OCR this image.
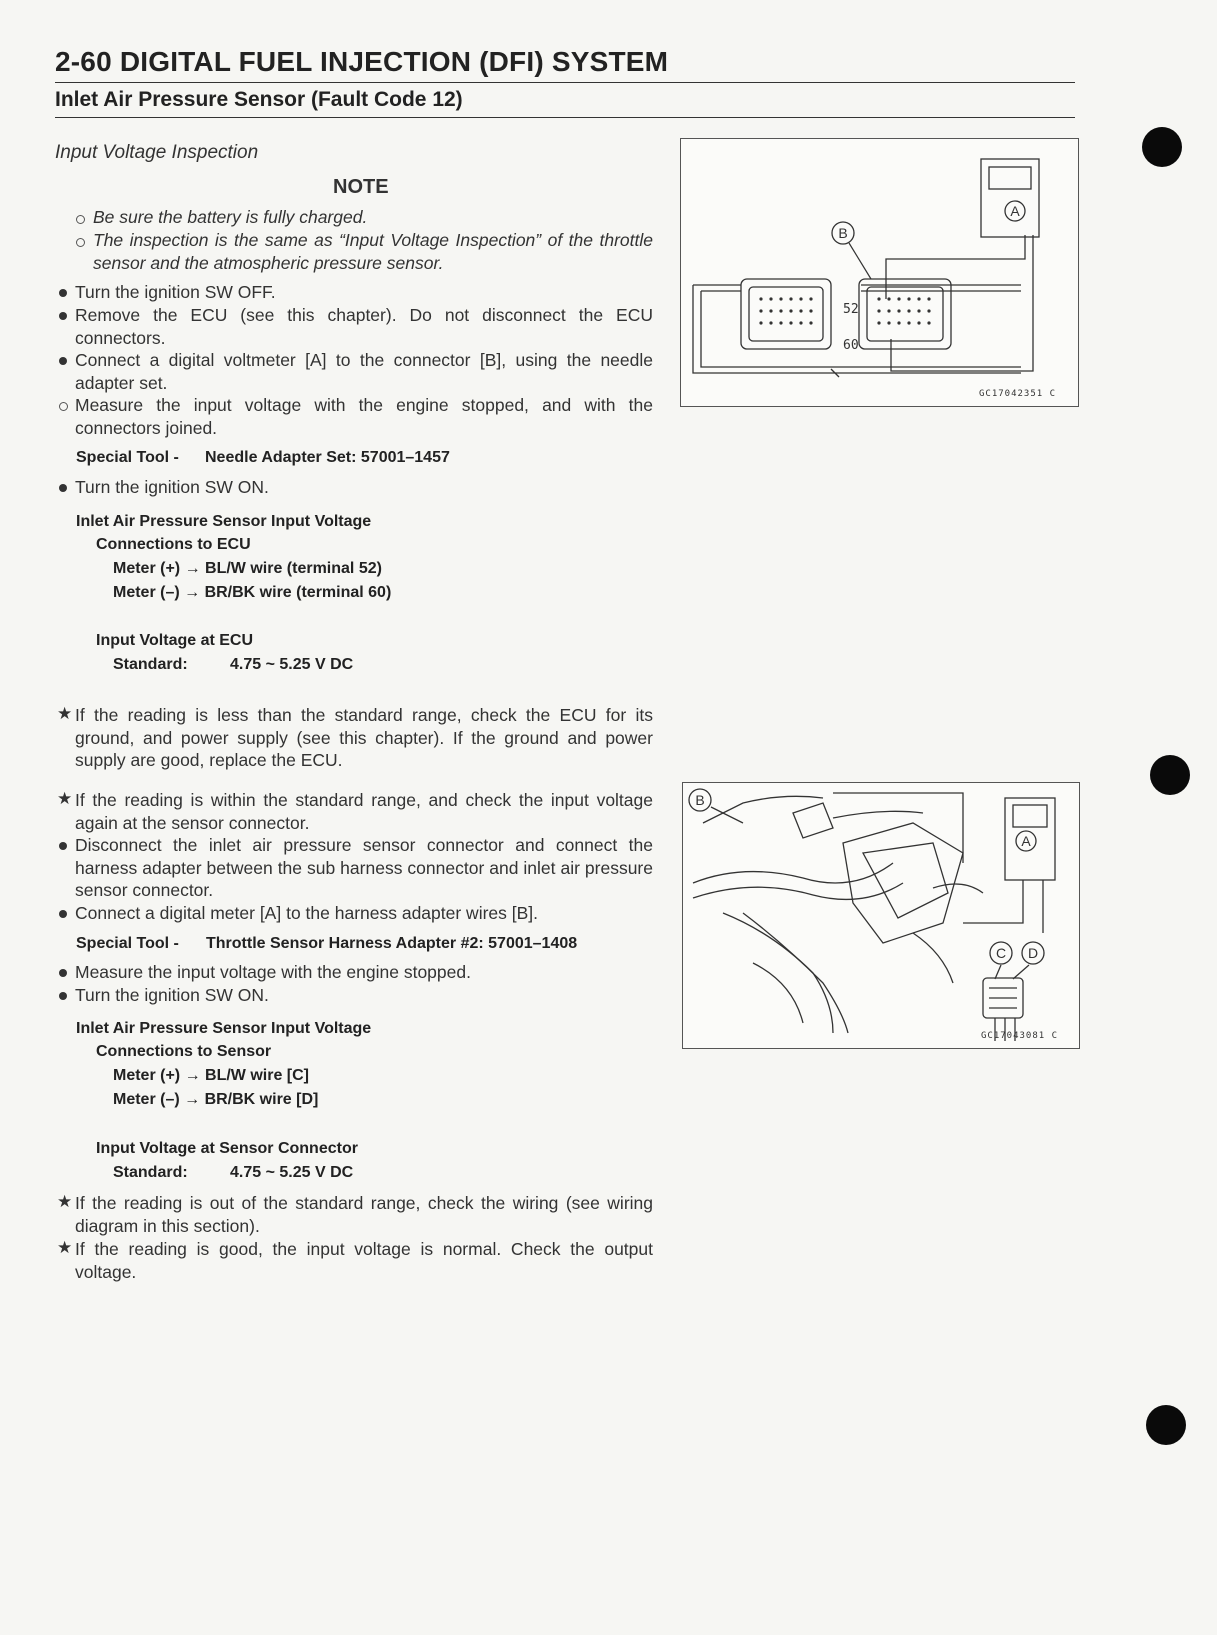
2-60 DIGITAL FUEL INJECTION (DFI) SYSTEM
Inlet Air Pressure Sensor (Fault Code 12)
Input Voltage Inspection
NOTE
Be sure the battery is fully charged.
The inspection is the same as “Input Voltage Inspection” of the throttle sensor and the atmospheric pressure sensor.
Turn the ignition SW OFF.
Remove the ECU (see this chapter). Do not disconnect the ECU connectors.
Connect a digital voltmeter [A] to the connector [B], using the needle adapter set.
Measure the input voltage with the engine stopped, and with the connectors joined.
Special Tool - Needle Adapter Set: 57001–1457
Turn the ignition SW ON.
Inlet Air Pressure Sensor Input Voltage
Connections to ECU
Meter (+) → BL/W wire (terminal 52)
Meter (–) → BR/BK wire (terminal 60)
Input Voltage at ECU
Standard:	4.75 ~ 5.25 V DC
★ If the reading is less than the standard range, check the ECU for its ground, and power supply (see this chapter). If the ground and power supply are good, replace the ECU.
★ If the reading is within the standard range, and check the input voltage again at the sensor connector.
Disconnect the inlet air pressure sensor connector and connect the harness adapter between the sub harness connector and inlet air pressure sensor connector.
Connect a digital meter [A] to the harness adapter wires [B].
Special Tool - Throttle Sensor Harness Adapter #2: 57001–1408
Measure the input voltage with the engine stopped.
Turn the ignition SW ON.
Inlet Air Pressure Sensor Input Voltage
Connections to Sensor
Meter (+) → BL/W wire [C]
Meter (–) → BR/BK wire [D]
Input Voltage at Sensor Connector
Standard:	4.75 ~ 5.25 V DC
★ If the reading is out of the standard range, check the wiring (see wiring diagram in this section).
★ If the reading is good, the input voltage is normal. Check the output voltage.
B
A
52
60
GC17042351 C
B
A
C D
GC17043081 C
